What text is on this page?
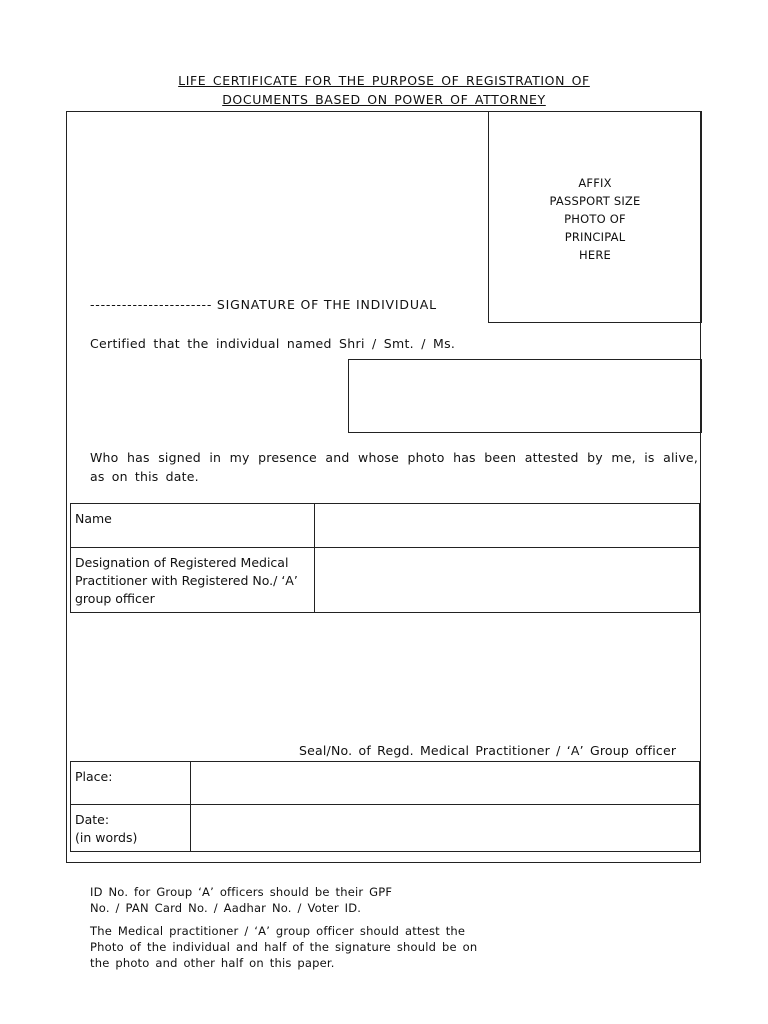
LIFE CERTIFICATE FOR THE PURPOSE OF REGISTRATION OF
DOCUMENTS BASED ON POWER OF ATTORNEY
AFFIX
PASSPORT SIZE
PHOTO OF
PRINCIPAL
HERE
----------------------- SIGNATURE OF THE INDIVIDUAL
Certified that the individual named Shri / Smt. / Ms.
Who has signed in my presence and whose photo has been attested by me, is alive, as on this date.
Name	
Designation of Registered Medical Practitioner with Registered No./ ‘A’ group officer	
Seal/No. of Regd. Medical Practitioner / ‘A’ Group officer
Place:	

Date:
(in words)	

ID No. for Group ‘A’ officers should be their GPF
No. / PAN Card No. / Aadhar No. / Voter ID.
The Medical practitioner / ‘A’ group officer should attest the
Photo of the individual and half of the signature should be on
the photo and other half on this paper.
